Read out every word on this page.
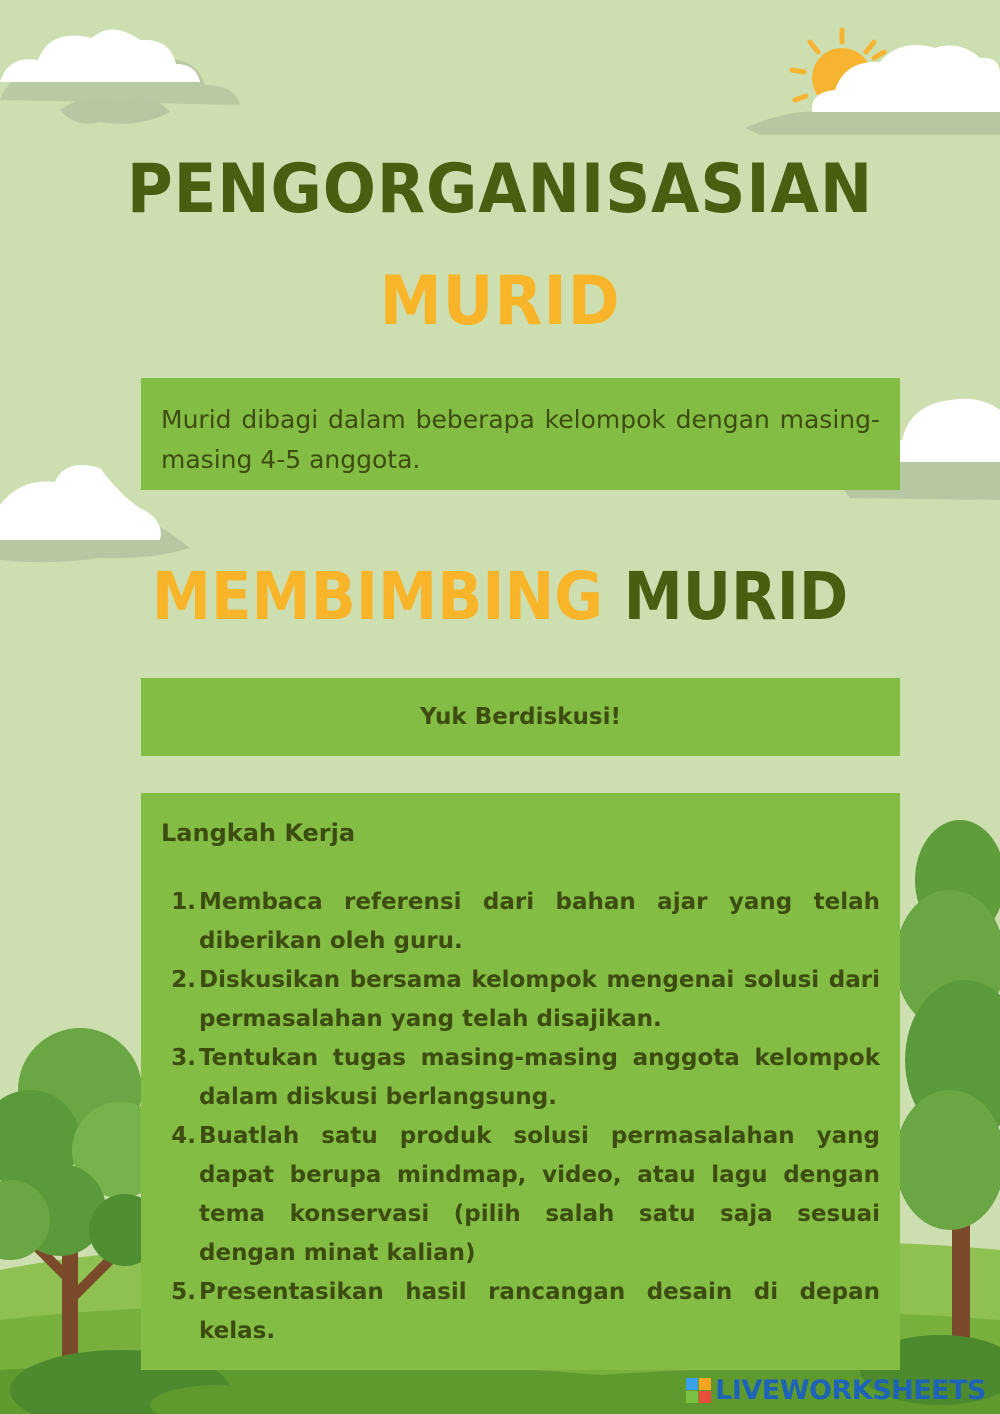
PENGORGANISASIAN
MURID

Murid dibagi dalam beberapa kelompok dengan masing-masing 4-5 anggota.

MEMBIMBING MURID
Yuk Berdiskusi!
Langkah Kerja
1. Membaca referensi dari bahan ajar yang telah diberikan oleh guru.
2. Diskusikan bersama kelompok mengenai solusi dari permasalahan yang telah disajikan.
3. Tentukan tugas masing-masing anggota kelompok dalam diskusi berlangsung.
4. Buatlah satu produk solusi permasalahan yang dapat berupa mindmap, video, atau lagu dengan tema konservasi (pilih salah satu saja sesuai dengan minat kalian)
5. Presentasikan hasil rancangan desain di depan kelas.
LIVEWORKSHEETS
